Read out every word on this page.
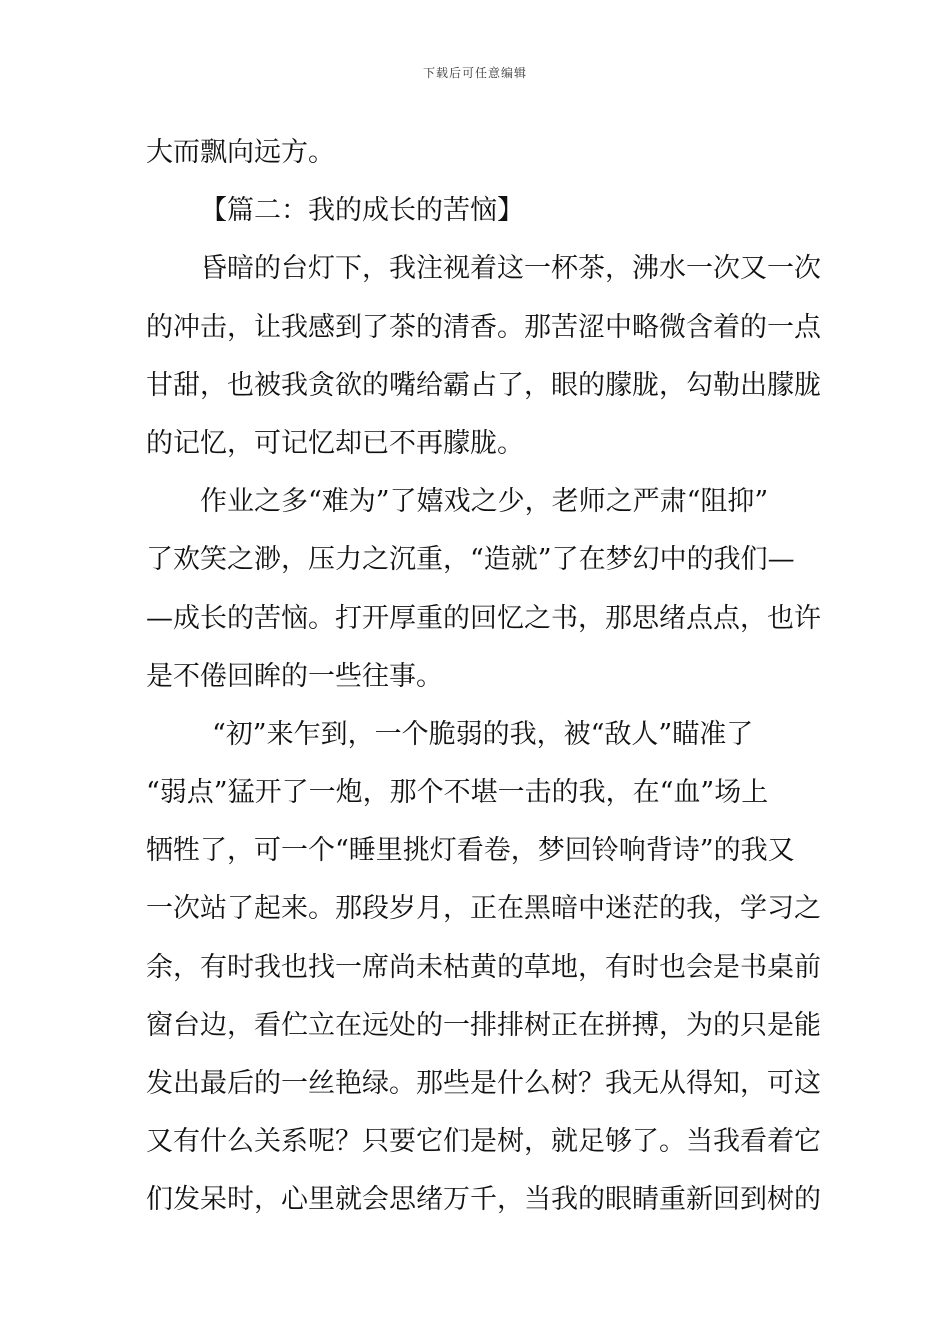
下载后可任意编辑
大而飘向远方。
【篇二：我的成长的苦恼】
昏暗的台灯下，我注视着这一杯茶，沸水一次又一次
的冲击，让我感到了茶的清香。那苦涩中略微含着的一点
甘甜，也被我贪欲的嘴给霸占了，眼的朦胧，勾勒出朦胧
的记忆，可记忆却已不再朦胧。
作业之多“难为”了嬉戏之少，老师之严肃“阻抑”
了欢笑之渺，压力之沉重，“造就”了在梦幻中的我们—
—成长的苦恼。打开厚重的回忆之书，那思绪点点，也许
是不倦回眸的一些往事。
“初”来乍到，一个脆弱的我，被“敌人”瞄准了
“弱点”猛开了一炮，那个不堪一击的我，在“血”场上
牺牲了，可一个“睡里挑灯看卷，梦回铃响背诗”的我又
一次站了起来。那段岁月，正在黑暗中迷茫的我，学习之
余，有时我也找一席尚未枯黄的草地，有时也会是书桌前
窗台边，看伫立在远处的一排排树正在拼搏，为的只是能
发出最后的一丝艳绿。那些是什么树？我无从得知，可这
又有什么关系呢？只要它们是树，就足够了。当我看着它
们发呆时，心里就会思绪万千，当我的眼睛重新回到树的
